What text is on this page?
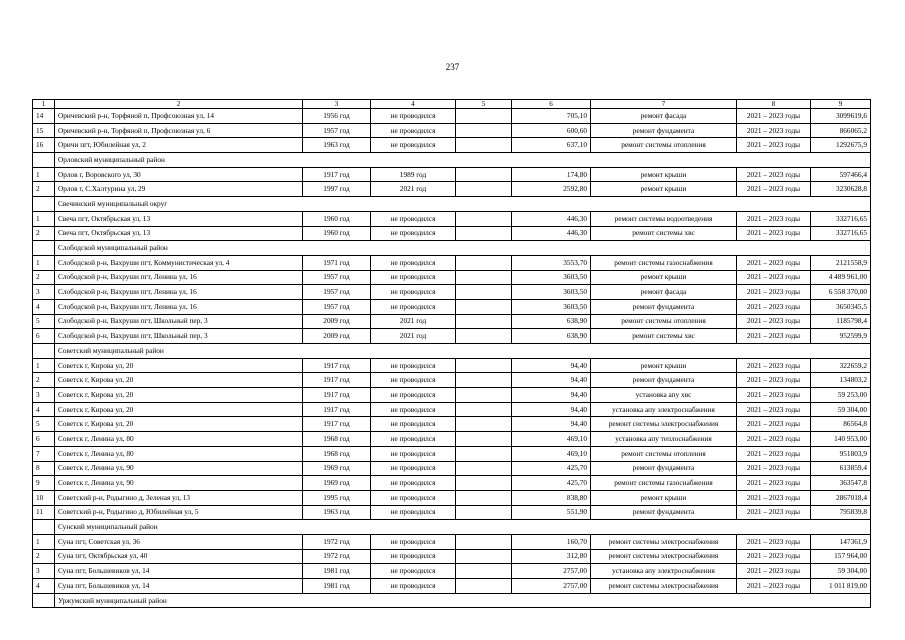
237
1	2	3	4	5	6	7	8	9
14	Оричевский р-н, Торфяной п, Профсоюзная ул, 14	1956 год	не проводился		705,10	ремонт фасада	2021 – 2023 годы	3099619,6
15	Оричевский р-н, Торфяной п, Профсоюзная ул, 6	1957 год	не проводился		600,60	ремонт фундамента	2021 – 2023 годы	866065,2
16	Оричи пгт, Юбилейная ул, 2	1963 год	не проводился		637,10	ремонт системы отопления	2021 – 2023 годы	1292675,9
	Орловский муниципальный район							
1	Орлов г, Воровского ул, 30	1917 год	1989 год		174,80	ремонт крыши	2021 – 2023 годы	597466,4
2	Орлов г, С.Халтурина ул, 29	1997 год	2021 год		2592,80	ремонт крыши	2021 – 2023 годы	3230628,8
	Свечинский муниципальный округ							
1	Свеча пгт, Октябрьская ул, 13	1960 год	не проводился		446,30	ремонт системы водоотведения	2021 – 2023 годы	332716,65
2	Свеча пгт, Октябрьская ул, 13	1960 год	не проводился		446,30	ремонт системы хвс	2021 – 2023 годы	332716,65
	Слободской муниципальный район							
1	Слободской р-н, Вахруши пгт, Коммунистическая ул, 4	1971 год	не проводился		3553,70	ремонт системы газоснабжения	2021 – 2023 годы	2121558,9
2	Слободской р-н, Вахруши пгт, Ленина ул, 16	1957 год	не проводился		3603,50	ремонт крыши	2021 – 2023 годы	4 489 961,00
3	Слободской р-н, Вахруши пгт, Ленина ул, 16	1957 год	не проводился		3603,50	ремонт фасада	2021 – 2023 годы	6 558 370,00
4	Слободской р-н, Вахруши пгт, Ленина ул, 16	1957 год	не проводился		3603,50	ремонт фундамента	2021 – 2023 годы	3650345,5
5	Слободской р-н, Вахруши пгт, Школьный пер, 3	2009 год	2021 год		638,90	ремонт системы отопления	2021 – 2023 годы	1185798,4
6	Слободской р-н, Вахруши пгт, Школьный пер, 3	2009 год	2021 год		638,90	ремонт системы хвс	2021 – 2023 годы	952599,9
	Советский муниципальный район							
1	Советск г, Кирова ул, 20	1917 год	не проводился		94,40	ремонт крыши	2021 – 2023 годы	322659,2
2	Советск г, Кирова ул, 20	1917 год	не проводился		94,40	ремонт фундамента	2021 – 2023 годы	134803,2
3	Советск г, Кирова ул, 20	1917 год	не проводился		94,40	установка апу хвс	2021 – 2023 годы	59 253,00
4	Советск г, Кирова ул, 20	1917 год	не проводился		94,40	установка апу электроснабжения	2021 – 2023 годы	59 304,00
5	Советск г, Кирова ул, 20	1917 год	не проводился		94,40	ремонт системы электроснабжения	2021 – 2023 годы	86564,8
6	Советск г, Ленина ул, 80	1968 год	не проводился		469,10	установка апу теплоснабжения	2021 – 2023 годы	140 953,00
7	Советск г, Ленина ул, 80	1968 год	не проводился		469,10	ремонт системы отопления	2021 – 2023 годы	951803,9
8	Советск г, Ленина ул, 90	1969 год	не проводился		425,70	ремонт фундамента	2021 – 2023 годы	613859,4
9	Советск г, Ленина ул, 90	1969 год	не проводился		425,70	ремонт системы газоснабжения	2021 – 2023 годы	363547,8
10	Советский р-н, Родыгино д, Зеленая ул, 13	1995 год	не проводился		838,80	ремонт крыши	2021 – 2023 годы	2867018,4
11	Советский р-н, Родыгино д, Юбилейная ул, 5	1963 год	не проводился		551,90	ремонт фундамента	2021 – 2023 годы	795839,8
	Сунский муниципальный район							
1	Суна пгт, Советская ул, 36	1972 год	не проводился		160,70	ремонт системы электроснабжения	2021 – 2023 годы	147361,9
2	Суна пгт, Октябрьская ул, 40	1972 год	не проводился		312,80	ремонт системы электроснабжения	2021 – 2023 годы	157 964,00
3	Суна пгт, Большевиков ул, 14	1981 год	не проводился		2757,00	установка апу электроснабжения	2021 – 2023 годы	59 304,00
4	Суна пгт, Большевиков ул, 14	1981 год	не проводился		2757,00	ремонт системы электроснабжения	2021 – 2023 годы	1 011 819,00
	Уржумский муниципальный район							
